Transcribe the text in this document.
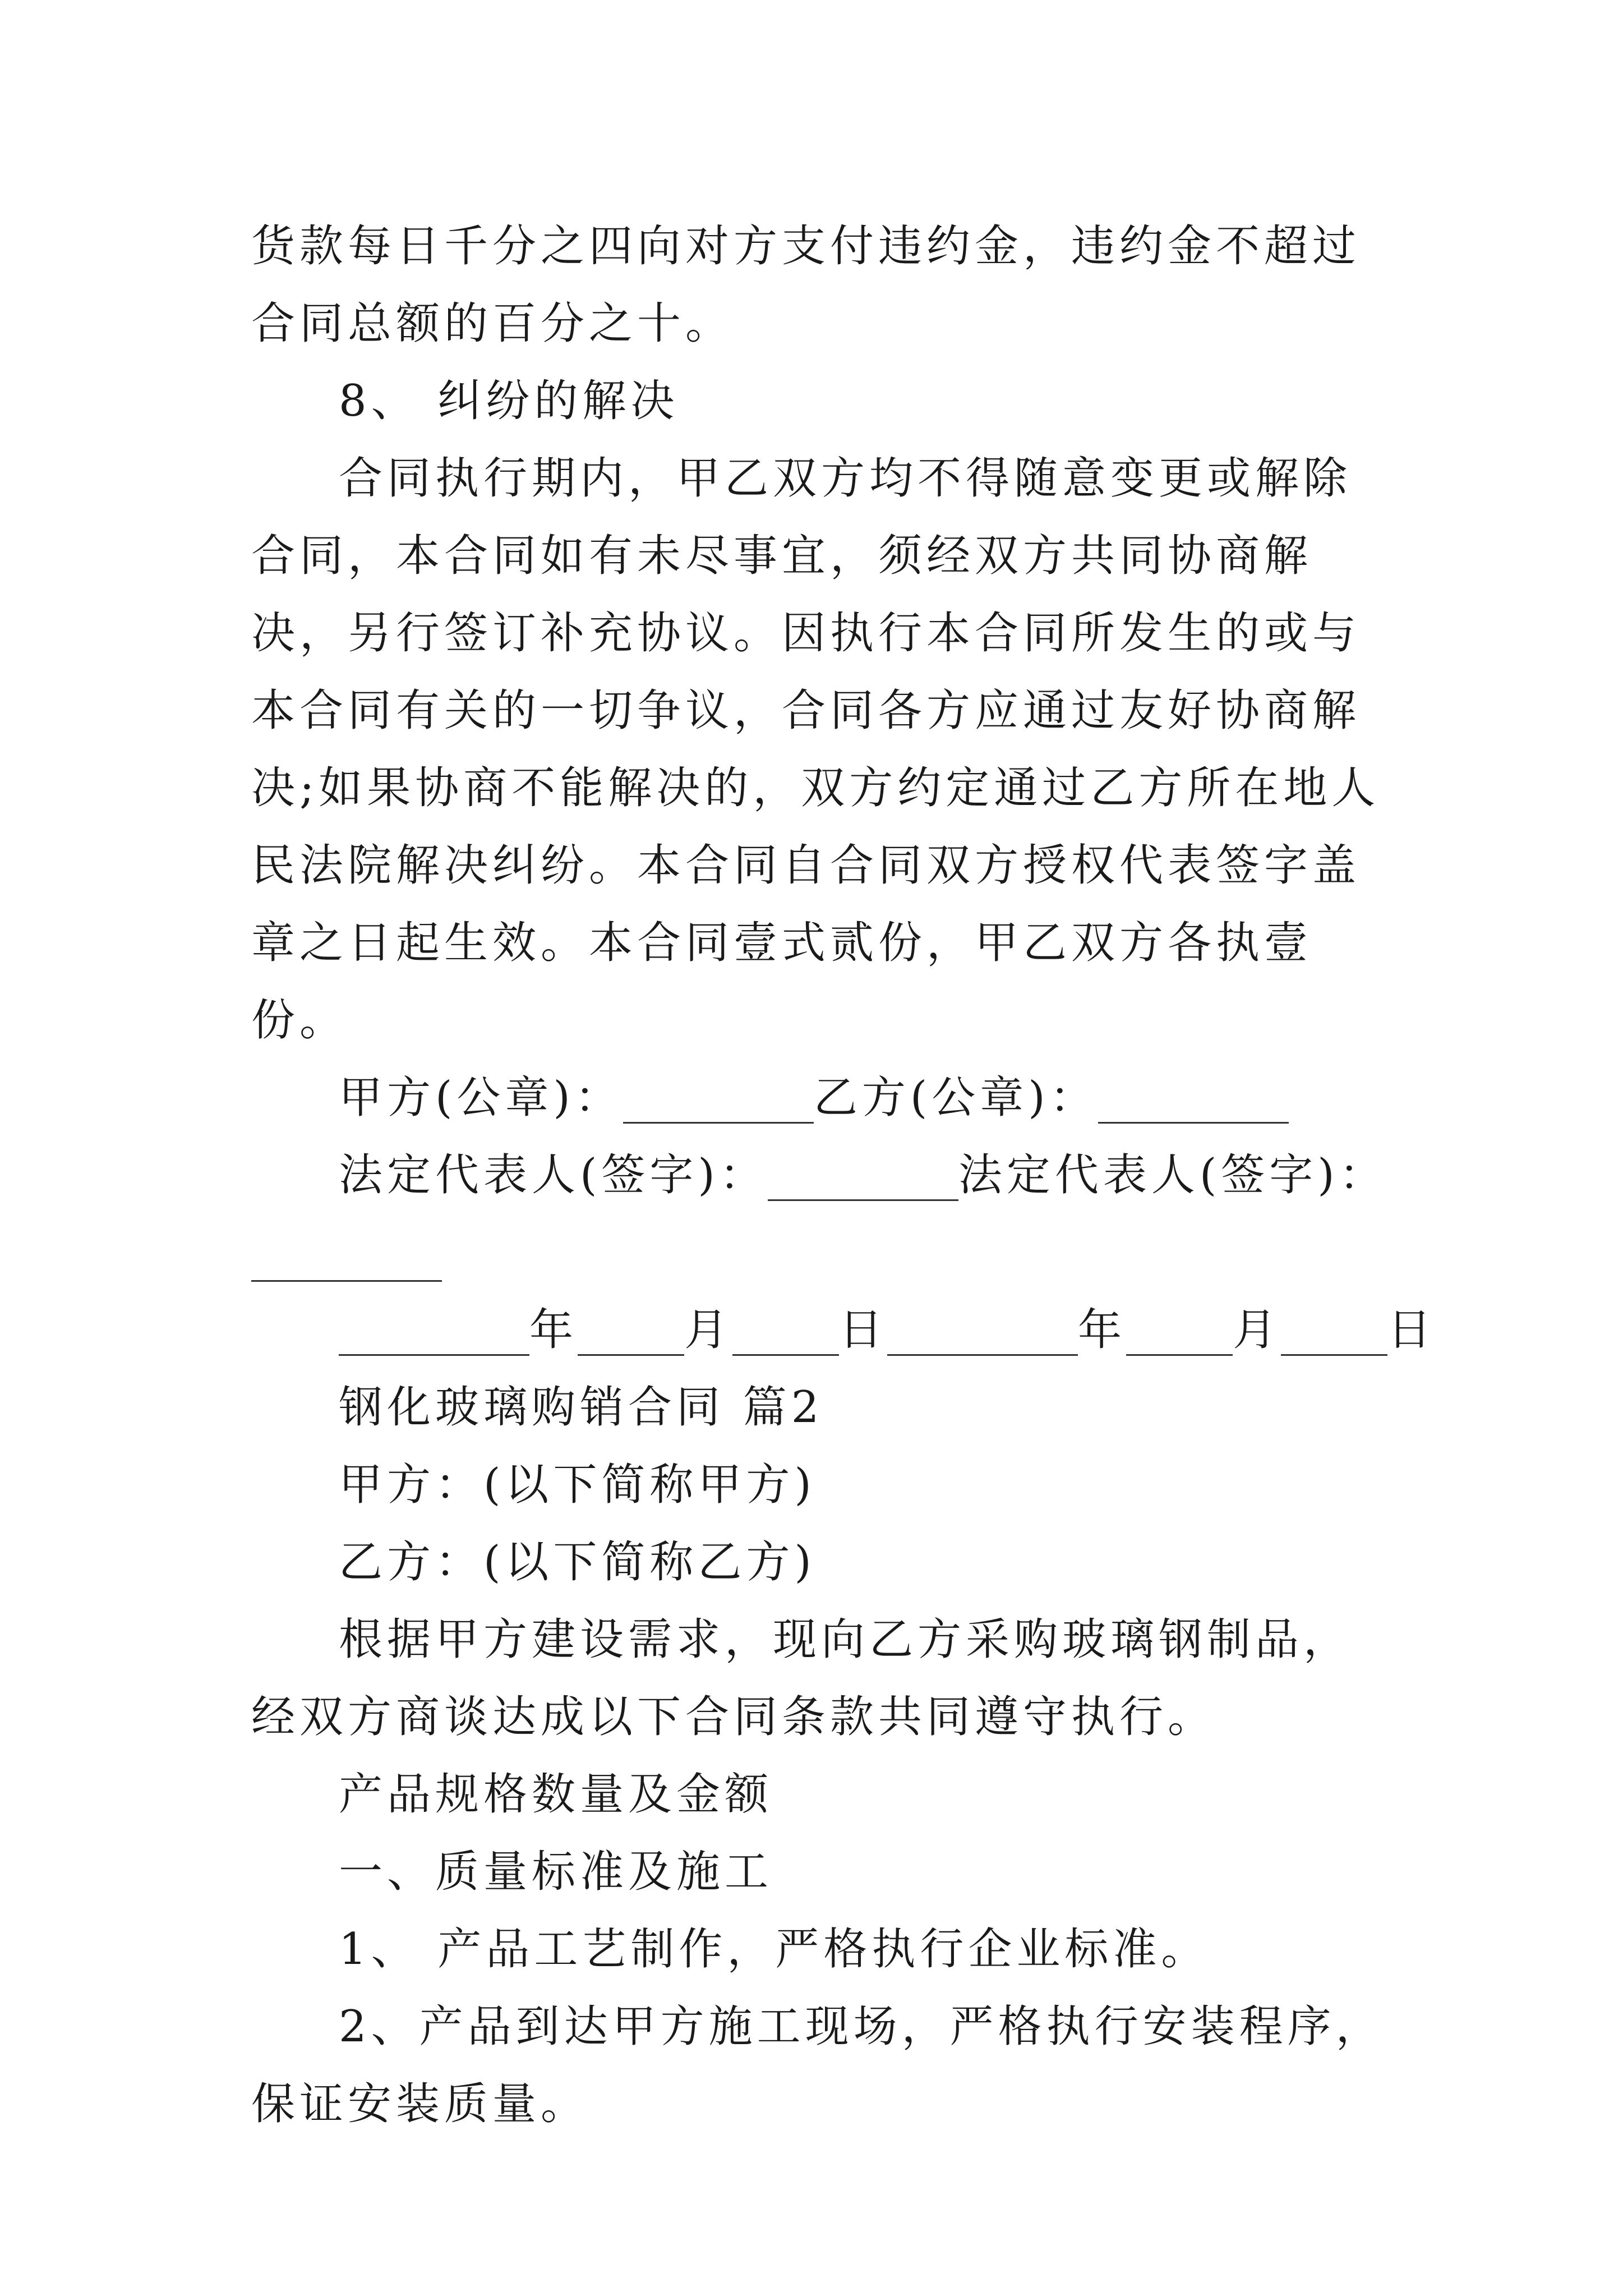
货款每日千分之四向对方支付违约金，违约金不超过合同总额的百分之十。

8、 纠纷的解决

合同执行期内，甲乙双方均不得随意变更或解除合同，本合同如有未尽事宜，须经双方共同协商解决，另行签订补充协议。因执行本合同所发生的或与本合同有关的一切争议，合同各方应通过友好协商解决;如果协商不能解决的，双方约定通过乙方所在地人民法院解决纠纷。本合同自合同双方授权代表签字盖章之日起生效。本合同壹式贰份，甲乙双方各执壹份。

甲方(公章)：	乙方(公章)：

法定代表人(签字)：	法定代表人(签字)：

年 月 日	年 月 日

钢化玻璃购销合同 篇2

甲方：(以下简称甲方)

乙方：(以下简称乙方)

根据甲方建设需求，现向乙方采购玻璃钢制品，经双方商谈达成以下合同条款共同遵守执行。

产品规格数量及金额

一、质量标准及施工

1、 产品工艺制作，严格执行企业标准。

2、产品到达甲方施工现场，严格执行安装程序，保证安装质量。
